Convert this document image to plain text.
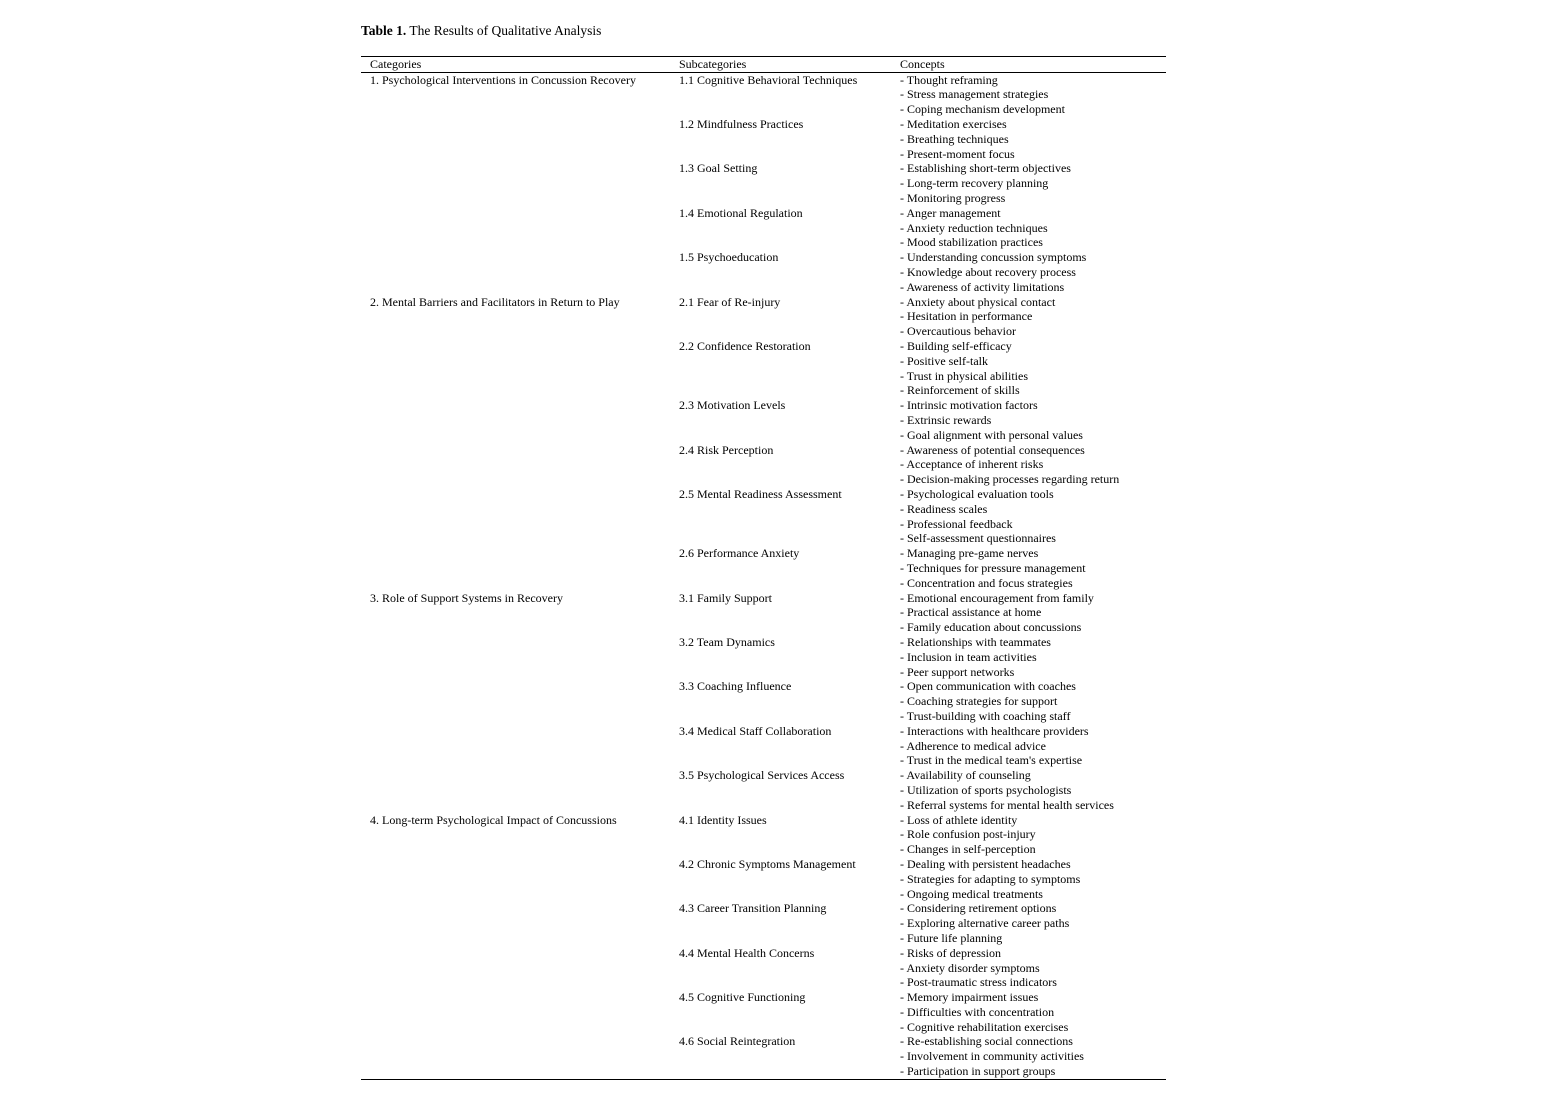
Table 1. The Results of Qualitative Analysis
Categories	Subcategories	Concepts
1. Psychological Interventions in Concussion Recovery	1.1 Cognitive Behavioral Techniques	- Thought reframing
- Stress management strategies
- Coping mechanism development
1.2 Mindfulness Practices	- Meditation exercises
- Breathing techniques
- Present-moment focus
1.3 Goal Setting	- Establishing short-term objectives
- Long-term recovery planning
- Monitoring progress
1.4 Emotional Regulation	- Anger management
- Anxiety reduction techniques
- Mood stabilization practices
1.5 Psychoeducation	- Understanding concussion symptoms
- Knowledge about recovery process
- Awareness of activity limitations
2. Mental Barriers and Facilitators in Return to Play	2.1 Fear of Re-injury	- Anxiety about physical contact
- Hesitation in performance
- Overcautious behavior
2.2 Confidence Restoration	- Building self-efficacy
- Positive self-talk
- Trust in physical abilities
- Reinforcement of skills
2.3 Motivation Levels	- Intrinsic motivation factors
- Extrinsic rewards
- Goal alignment with personal values
2.4 Risk Perception	- Awareness of potential consequences
- Acceptance of inherent risks
- Decision-making processes regarding return
2.5 Mental Readiness Assessment	- Psychological evaluation tools
- Readiness scales
- Professional feedback
- Self-assessment questionnaires
2.6 Performance Anxiety	- Managing pre-game nerves
- Techniques for pressure management
- Concentration and focus strategies
3. Role of Support Systems in Recovery	3.1 Family Support	- Emotional encouragement from family
- Practical assistance at home
- Family education about concussions
3.2 Team Dynamics	- Relationships with teammates
- Inclusion in team activities
- Peer support networks
3.3 Coaching Influence	- Open communication with coaches
- Coaching strategies for support
- Trust-building with coaching staff
3.4 Medical Staff Collaboration	- Interactions with healthcare providers
- Adherence to medical advice
- Trust in the medical team's expertise
3.5 Psychological Services Access	- Availability of counseling
- Utilization of sports psychologists
- Referral systems for mental health services
4. Long-term Psychological Impact of Concussions	4.1 Identity Issues	- Loss of athlete identity
- Role confusion post-injury
- Changes in self-perception
4.2 Chronic Symptoms Management	- Dealing with persistent headaches
- Strategies for adapting to symptoms
- Ongoing medical treatments
4.3 Career Transition Planning	- Considering retirement options
- Exploring alternative career paths
- Future life planning
4.4 Mental Health Concerns	- Risks of depression
- Anxiety disorder symptoms
- Post-traumatic stress indicators
4.5 Cognitive Functioning	- Memory impairment issues
- Difficulties with concentration
- Cognitive rehabilitation exercises
4.6 Social Reintegration	- Re-establishing social connections
- Involvement in community activities
- Participation in support groups
